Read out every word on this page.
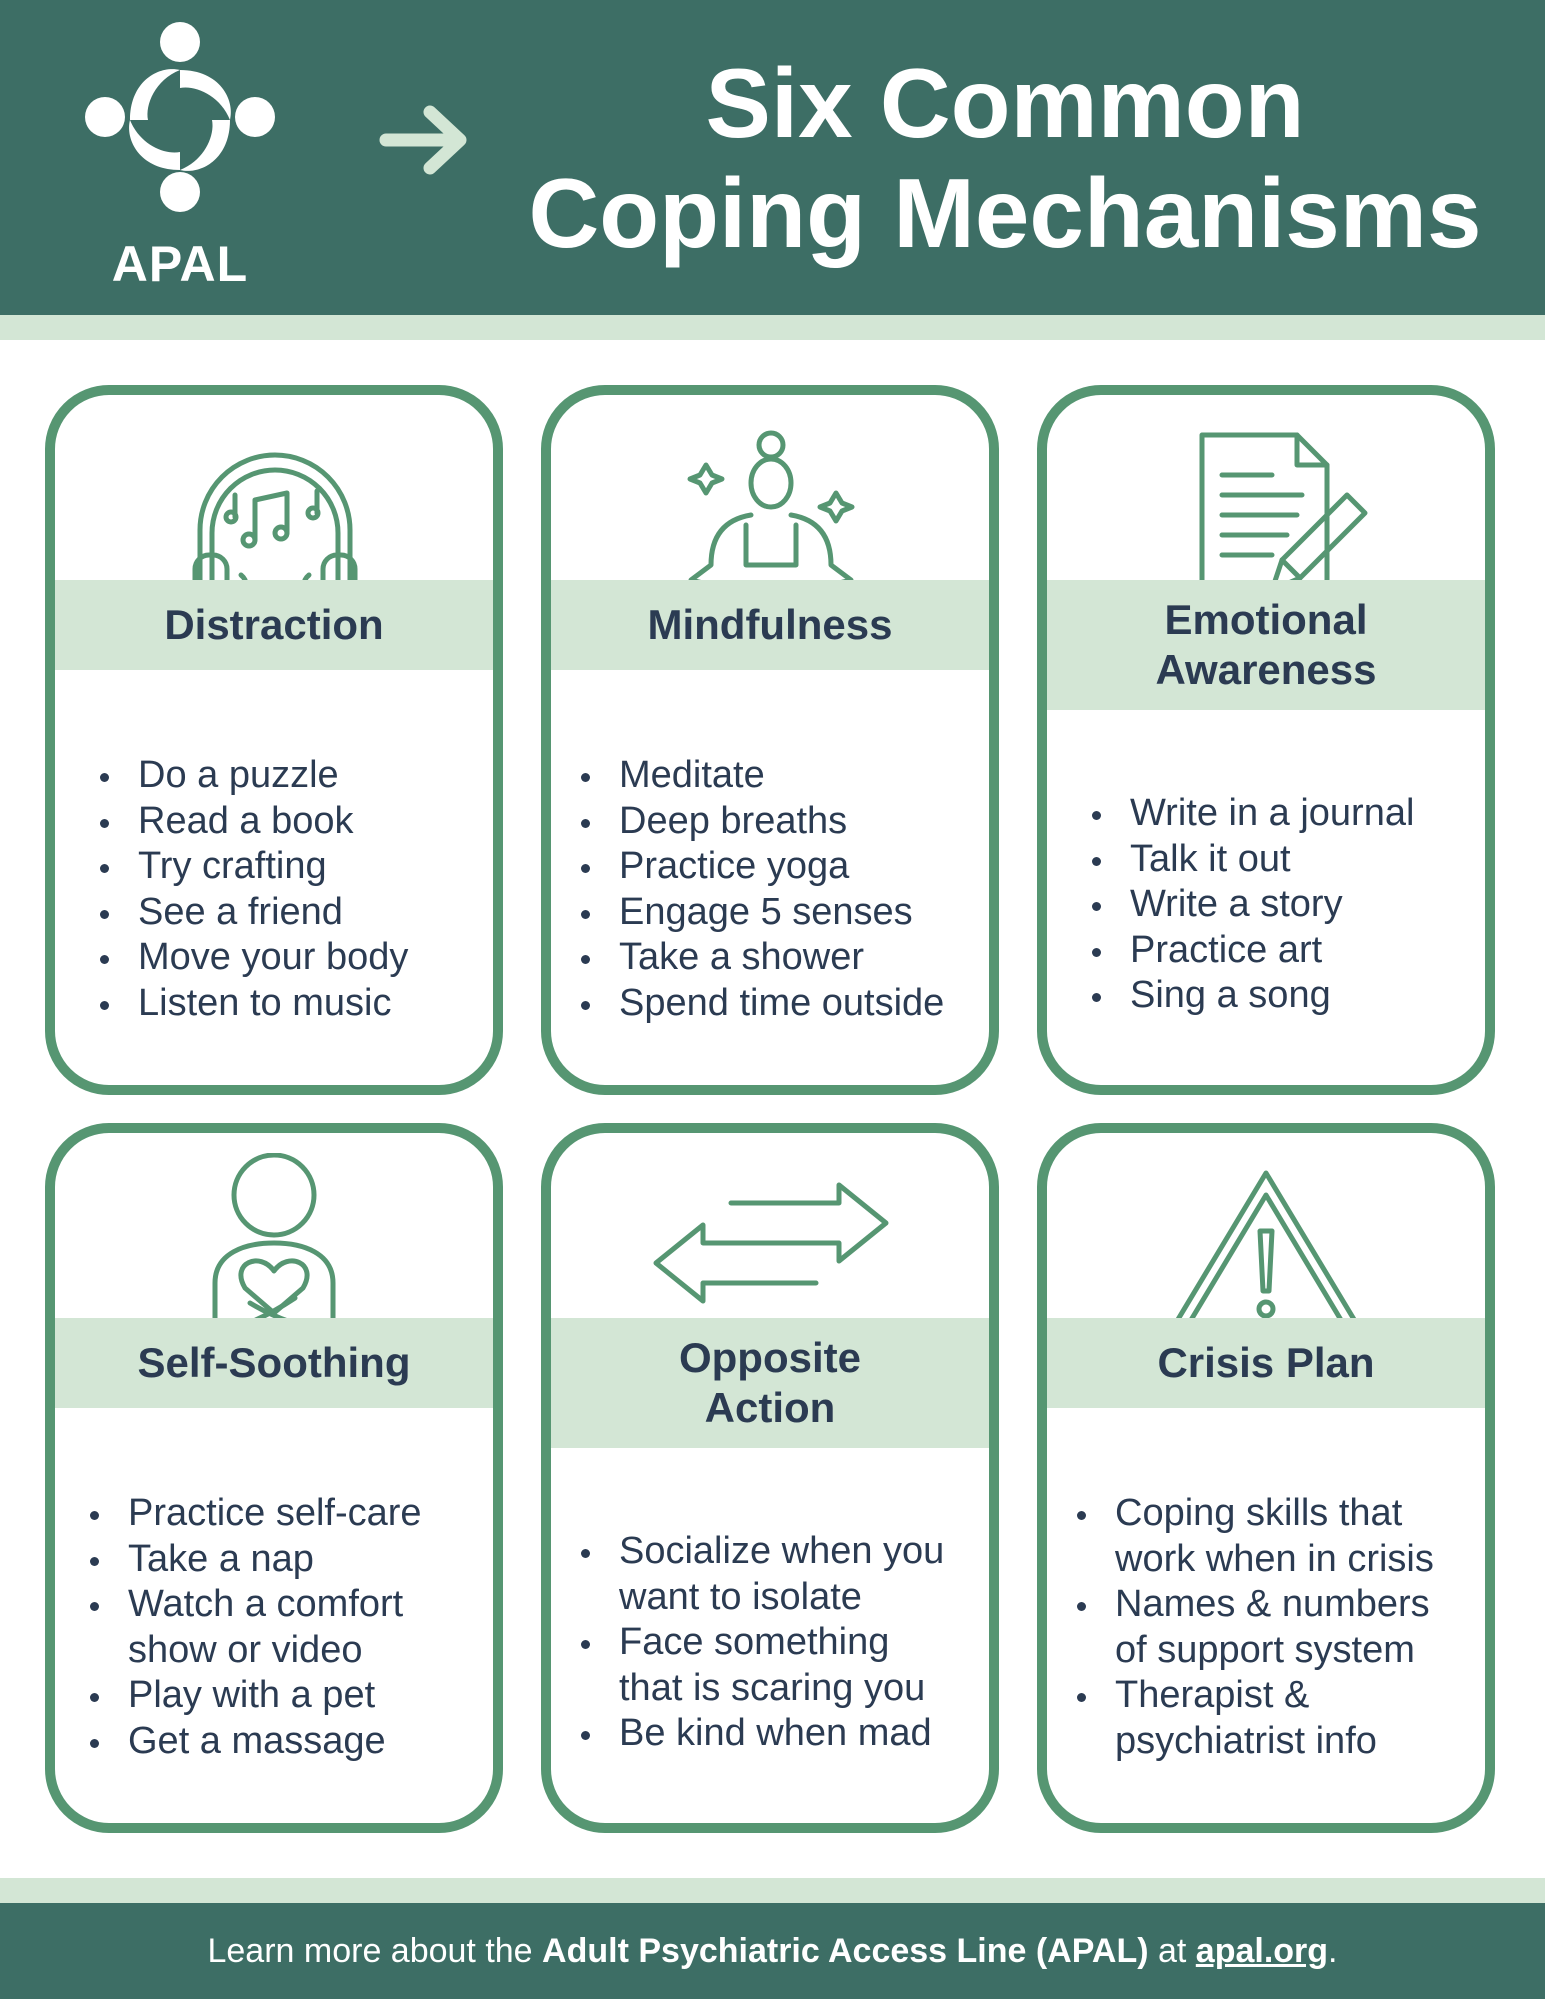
APAL
Six Common
Coping Mechanisms
Distraction
Do a puzzle
Read a book
Try crafting
See a friend
Move your body
Listen to music
Mindfulness
Meditate
Deep breaths
Practice yoga
Engage 5 senses
Take a shower
Spend time outside
Emotional
Awareness
Write in a journal
Talk it out
Write a story
Practice art
Sing a song
Self-Soothing
Practice self-care
Take a nap
Watch a comfort
show or video
Play with a pet
Get a massage
Opposite
Action
Socialize when you
want to isolate
Face something
that is scaring you
Be kind when mad
Crisis Plan
Coping skills that
work when in crisis
Names & numbers
of support system
Therapist &
psychiatrist info
Learn more about the Adult Psychiatric Access Line (APAL) at apal.org.
